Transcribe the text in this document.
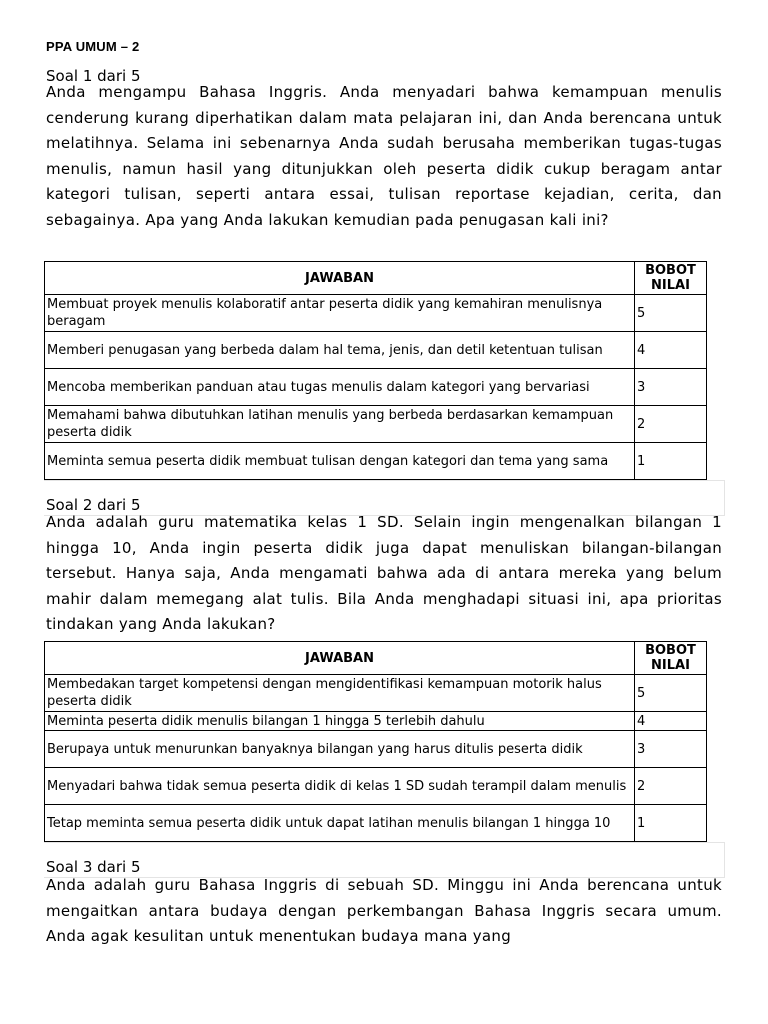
PPA UMUM – 2
Soal 1 dari 5
Anda mengampu Bahasa Inggris. Anda menyadari bahwa kemampuan menulis cenderung kurang diperhatikan dalam mata pelajaran ini, dan Anda berencana untuk melatihnya. Selama ini sebenarnya Anda sudah berusaha memberikan tugas-tugas menulis, namun hasil yang ditunjukkan oleh peserta didik cukup beragam antar kategori tulisan, seperti antara essai, tulisan reportase kejadian, cerita, dan sebagainya. Apa yang Anda lakukan kemudian pada penugasan kali ini?
JAWABAN	BOBOT
NILAI
Membuat proyek menulis kolaboratif antar peserta didik yang kemahiran menulisnya beragam	5

Memberi penugasan yang berbeda dalam hal tema, jenis, dan detil ketentuan tulisan	4

Mencoba memberikan panduan atau tugas menulis dalam kategori yang bervariasi	3

Memahami bahwa dibutuhkan latihan menulis yang berbeda berdasarkan kemampuan peserta didik	2

Meminta semua peserta didik membuat tulisan dengan kategori dan tema yang sama	1
Soal 2 dari 5
Anda adalah guru matematika kelas 1 SD. Selain ingin mengenalkan bilangan 1 hingga 10, Anda ingin peserta didik juga dapat menuliskan bilangan-bilangan tersebut. Hanya saja, Anda mengamati bahwa ada di antara mereka yang belum mahir dalam memegang alat tulis. Bila Anda menghadapi situasi ini, apa prioritas tindakan yang Anda lakukan?
JAWABAN	BOBOT
NILAI
Membedakan target kompetensi dengan mengidentifikasi kemampuan motorik halus peserta didik	5

Meminta peserta didik menulis bilangan 1 hingga 5 terlebih dahulu	4

Berupaya untuk menurunkan banyaknya bilangan yang harus ditulis peserta didik	3

Menyadari bahwa tidak semua peserta didik di kelas 1 SD sudah terampil dalam menulis	2

Tetap meminta semua peserta didik untuk dapat latihan menulis bilangan 1 hingga 10	1
Soal 3 dari 5
Anda adalah guru Bahasa Inggris di sebuah SD. Minggu ini Anda berencana untuk mengaitkan antara budaya dengan perkembangan Bahasa Inggris secara umum. Anda agak kesulitan untuk menentukan budaya mana yang
